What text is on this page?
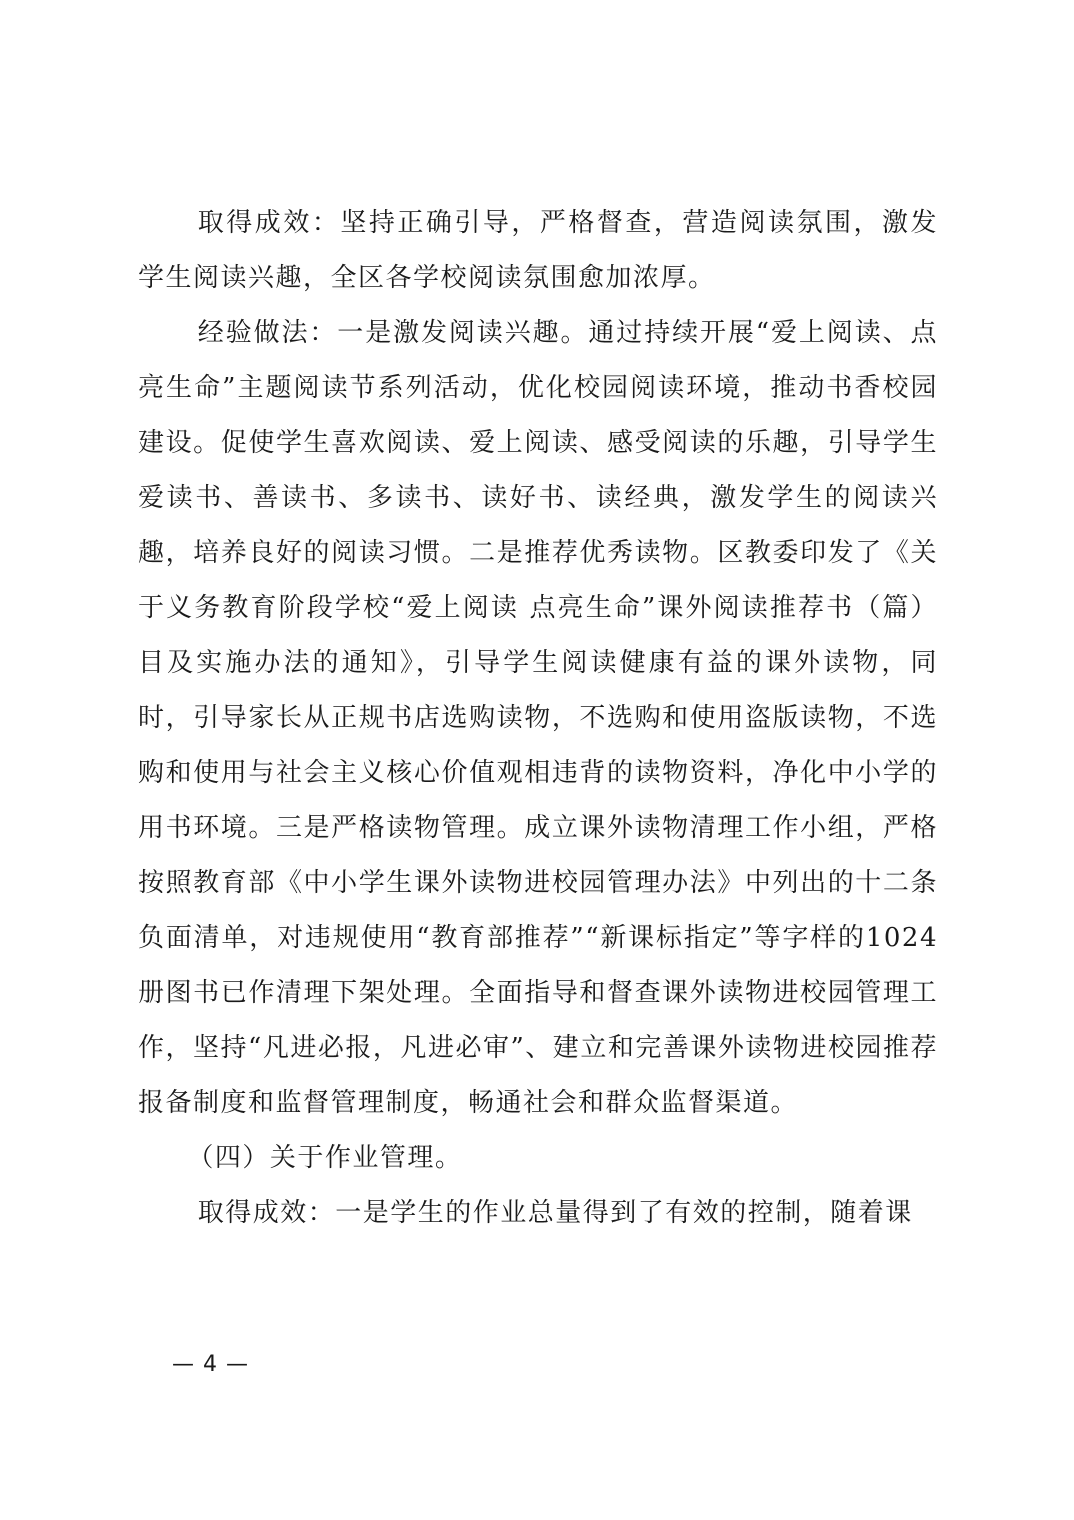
取得成效：坚持正确引导，严格督查，营造阅读氛围，激发学生阅读兴趣，全区各学校阅读氛围愈加浓厚。

经验做法：一是激发阅读兴趣。通过持续开展“爱上阅读、点亮生命”主题阅读节系列活动，优化校园阅读环境，推动书香校园建设。促使学生喜欢阅读、爱上阅读、感受阅读的乐趣，引导学生爱读书、善读书、多读书、读好书、读经典，激发学生的阅读兴趣，培养良好的阅读习惯。二是推荐优秀读物。区教委印发了《关于义务教育阶段学校“爱上阅读 点亮生命”课外阅读推荐书（篇）目及实施办法的通知》，引导学生阅读健康有益的课外读物，同时，引导家长从正规书店选购读物，不选购和使用盗版读物，不选购和使用与社会主义核心价值观相违背的读物资料，净化中小学的用书环境。三是严格读物管理。成立课外读物清理工作小组，严格按照教育部《中小学生课外读物进校园管理办法》中列出的十二条负面清单，对违规使用“教育部推荐”“新课标指定”等字样的1024册图书已作清理下架处理。全面指导和督查课外读物进校园管理工作，坚持“凡进必报，凡进必审”、建立和完善课外读物进校园推荐报备制度和监督管理制度，畅通社会和群众监督渠道。

（四）关于作业管理。

取得成效：一是学生的作业总量得到了有效的控制，随着课

— 4 —
